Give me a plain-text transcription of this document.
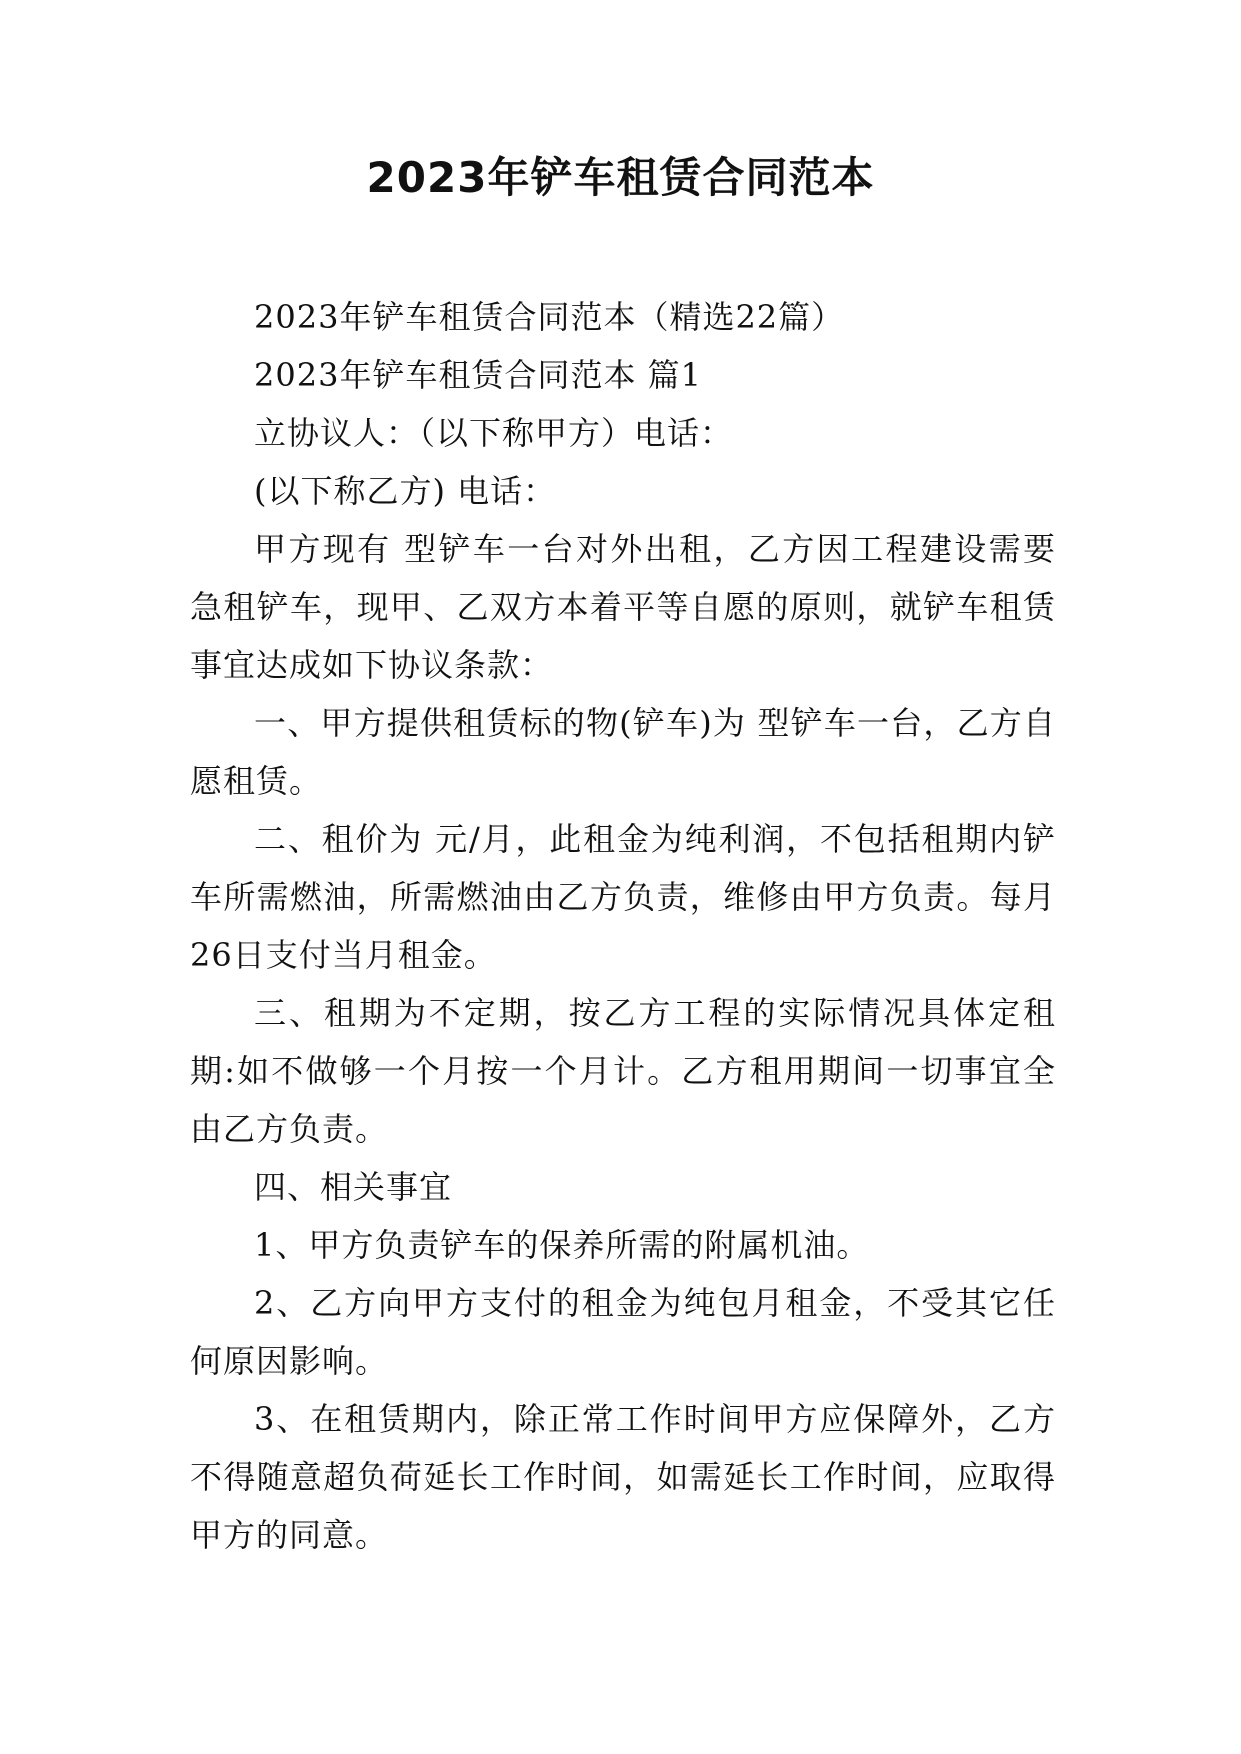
2023年铲车租赁合同范本

2023年铲车租赁合同范本（精选22篇）

2023年铲车租赁合同范本 篇1

立协议人：（以下称甲方）电话：

(以下称乙方) 电话：

甲方现有 型铲车一台对外出租，乙方因工程建设需要急租铲车，现甲、乙双方本着平等自愿的原则，就铲车租赁事宜达成如下协议条款：

一、甲方提供租赁标的物(铲车)为 型铲车一台，乙方自愿租赁。

二、租价为 元/月，此租金为纯利润，不包括租期内铲车所需燃油，所需燃油由乙方负责，维修由甲方负责。每月26日支付当月租金。

三、租期为不定期，按乙方工程的实际情况具体定租期:如不做够一个月按一个月计。乙方租用期间一切事宜全由乙方负责。

四、相关事宜

1、甲方负责铲车的保养所需的附属机油。

2、乙方向甲方支付的租金为纯包月租金，不受其它任何原因影响。

3、在租赁期内，除正常工作时间甲方应保障外，乙方不得随意超负荷延长工作时间，如需延长工作时间，应取得甲方的同意。
